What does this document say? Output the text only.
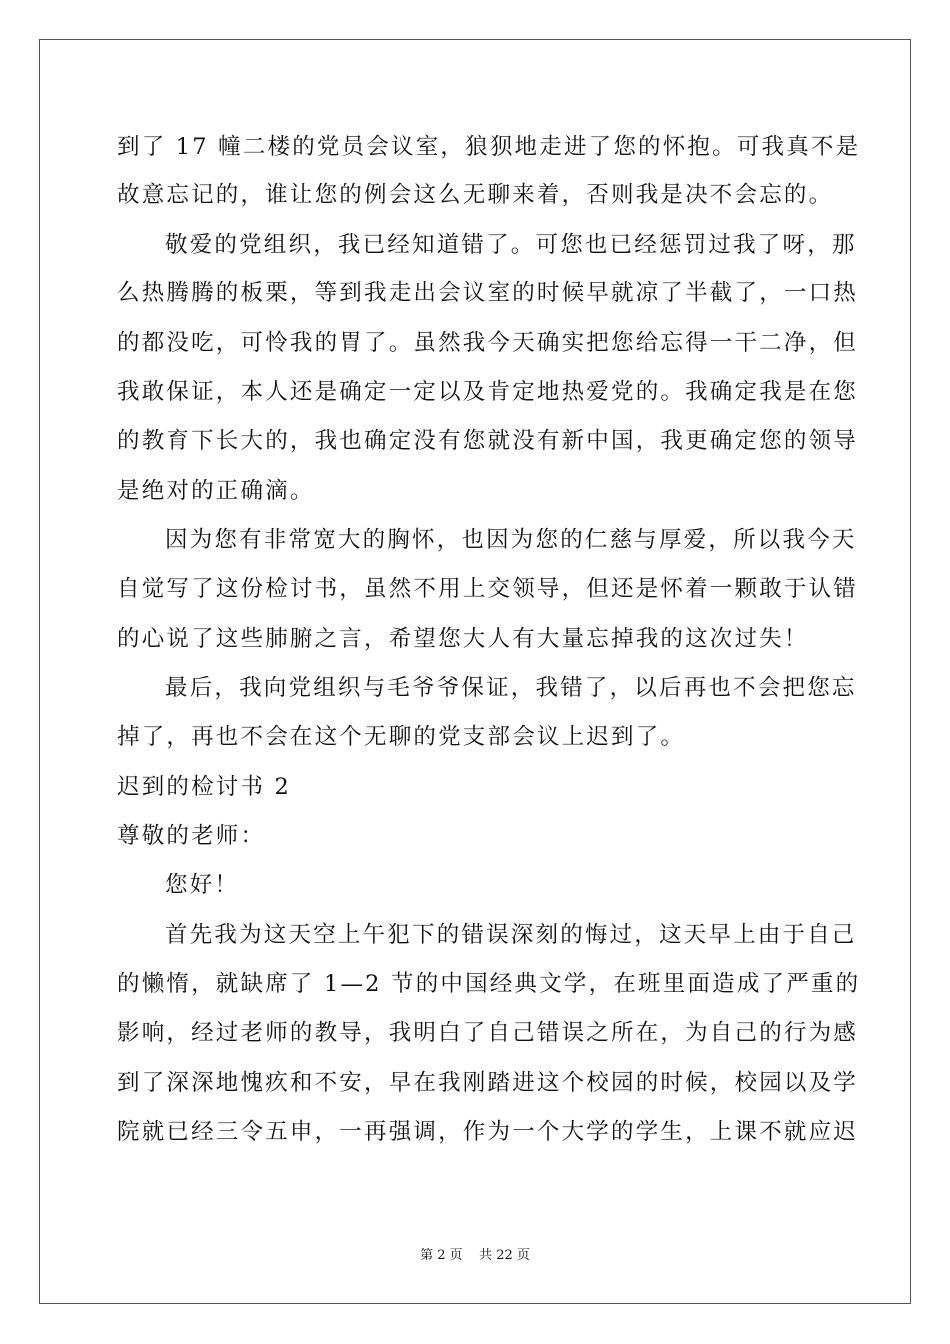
到了 17 幢二楼的党员会议室，狼狈地走进了您的怀抱。可我真不是
故意忘记的，谁让您的例会这么无聊来着，否则我是决不会忘的。
敬爱的党组织，我已经知道错了。可您也已经惩罚过我了呀，那
么热腾腾的板栗，等到我走出会议室的时候早就凉了半截了，一口热
的都没吃，可怜我的胃了。虽然我今天确实把您给忘得一干二净，但
我敢保证，本人还是确定一定以及肯定地热爱党的。我确定我是在您
的教育下长大的，我也确定没有您就没有新中国，我更确定您的领导
是绝对的正确滴。
因为您有非常宽大的胸怀，也因为您的仁慈与厚爱，所以我今天
自觉写了这份检讨书，虽然不用上交领导，但还是怀着一颗敢于认错
的心说了这些肺腑之言，希望您大人有大量忘掉我的这次过失！
最后，我向党组织与毛爷爷保证，我错了，以后再也不会把您忘
掉了，再也不会在这个无聊的党支部会议上迟到了。
迟到的检讨书 2
尊敬的老师：
您好！
首先我为这天空上午犯下的错误深刻的悔过，这天早上由于自己
的懒惰，就缺席了 1—2 节的中国经典文学，在班里面造成了严重的
影响，经过老师的教导，我明白了自己错误之所在，为自己的行为感
到了深深地愧疚和不安，早在我刚踏进这个校园的时候，校园以及学
院就已经三令五申，一再强调，作为一个大学的学生，上课不就应迟
第 2 页    共 22 页
